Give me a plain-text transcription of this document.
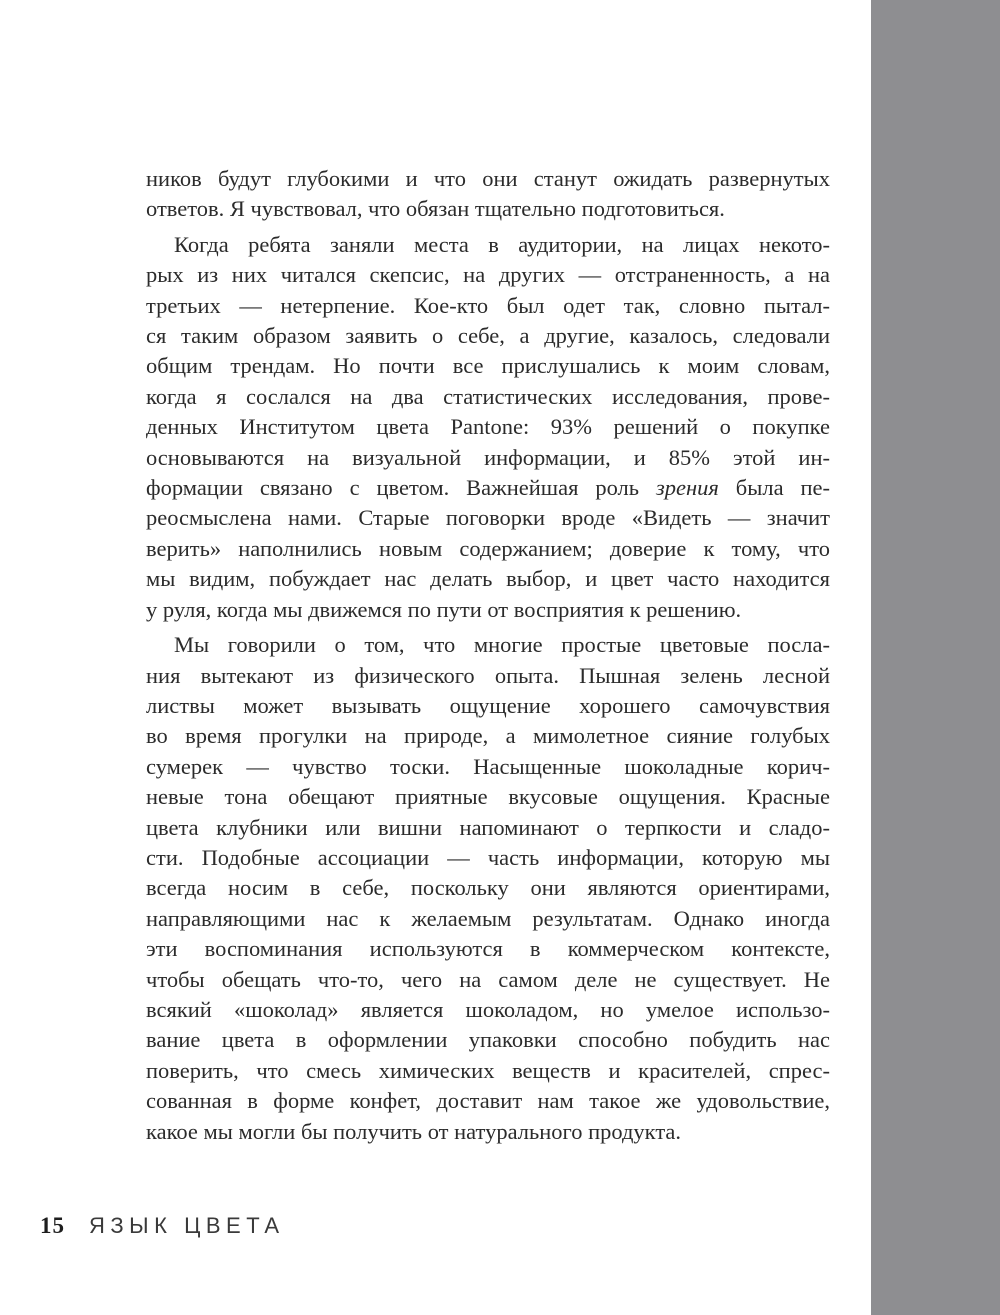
ников будут глубокими и что они станут ожидать развернутых
ответов. Я чувствовал, что обязан тщательно подготовиться.
Когда ребята заняли места в аудитории, на лицах некото-
рых из них читался скепсис, на других — отстраненность, а на
третьих — нетерпение. Кое-кто был одет так, словно пытал-
ся таким образом заявить о себе, а другие, казалось, следовали
общим трендам. Но почти все прислушались к моим словам,
когда я сослался на два статистических исследования, прове-
денных Институтом цвета Pantone: 93% решений о покупке
основываются на визуальной информации, и 85% этой ин-
формации связано с цветом. Важнейшая роль зрения была пе-
реосмыслена нами. Старые поговорки вроде «Видеть — значит
верить» наполнились новым содержанием; доверие к тому, что
мы видим, побуждает нас делать выбор, и цвет часто находится
у руля, когда мы движемся по пути от восприятия к решению.
Мы говорили о том, что многие простые цветовые посла-
ния вытекают из физического опыта. Пышная зелень лесной
листвы может вызывать ощущение хорошего самочувствия
во время прогулки на природе, а мимолетное сияние голубых
сумерек — чувство тоски. Насыщенные шоколадные корич-
невые тона обещают приятные вкусовые ощущения. Красные
цвета клубники или вишни напоминают о терпкости и сладо-
сти. Подобные ассоциации — часть информации, которую мы
всегда носим в себе, поскольку они являются ориентирами,
направляющими нас к желаемым результатам. Однако иногда
эти воспоминания используются в коммерческом контексте,
чтобы обещать что-то, чего на самом деле не существует. Не
всякий «шоколад» является шоколадом, но умелое использо-
вание цвета в оформлении упаковки способно побудить нас
поверить, что смесь химических веществ и красителей, спрес-
сованная в форме конфет, доставит нам такое же удовольствие,
какое мы могли бы получить от натурального продукта.
15 ЯЗЫК ЦВЕТА
